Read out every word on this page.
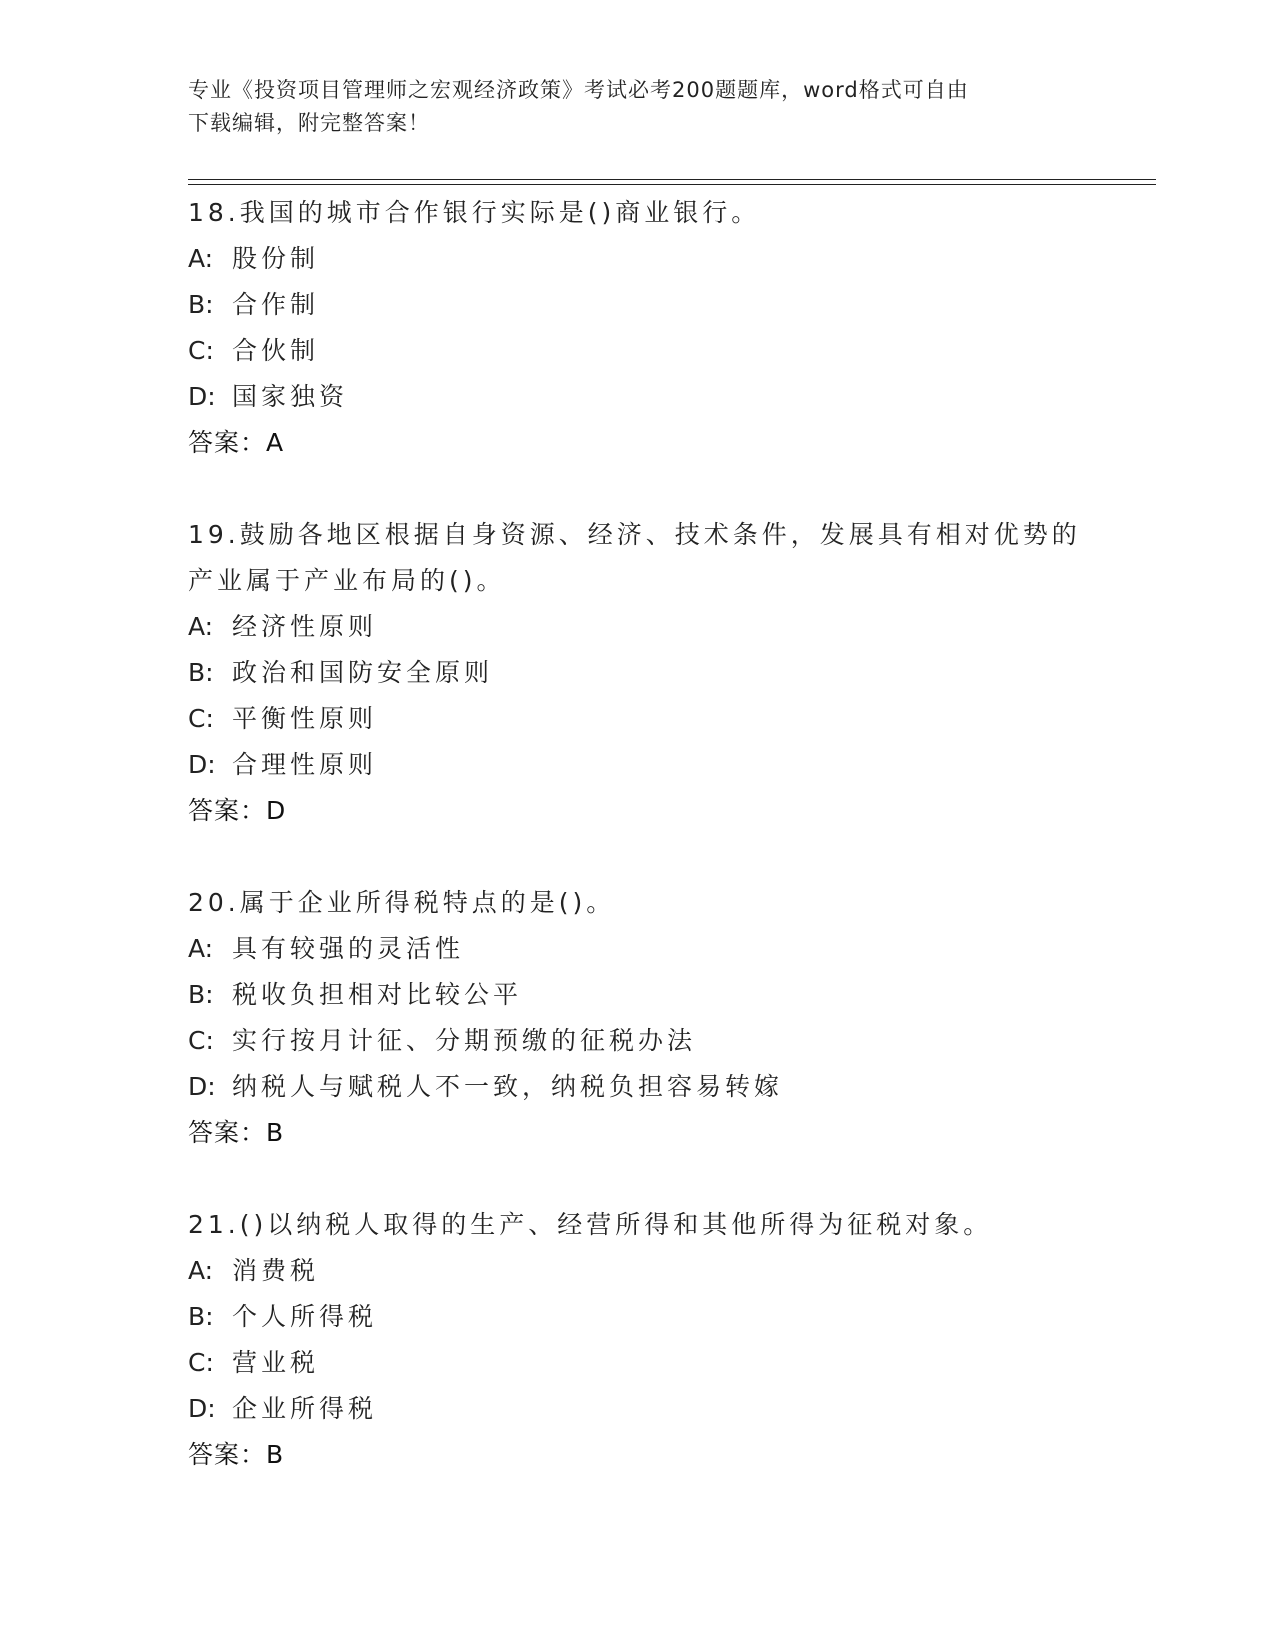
专业《投资项目管理师之宏观经济政策》考试必考200题题库，word格式可自由
下载编辑，附完整答案！
18.我国的城市合作银行实际是()商业银行。
A: 股份制
B: 合作制
C: 合伙制
D: 国家独资
答案：A
19.鼓励各地区根据自身资源、经济、技术条件，发展具有相对优势的产业属于产业布局的()。
A: 经济性原则
B: 政治和国防安全原则
C: 平衡性原则
D: 合理性原则
答案：D
20.属于企业所得税特点的是()。
A: 具有较强的灵活性
B: 税收负担相对比较公平
C: 实行按月计征、分期预缴的征税办法
D: 纳税人与赋税人不一致，纳税负担容易转嫁
答案：B
21.()以纳税人取得的生产、经营所得和其他所得为征税对象。
A: 消费税
B: 个人所得税
C: 营业税
D: 企业所得税
答案：B
